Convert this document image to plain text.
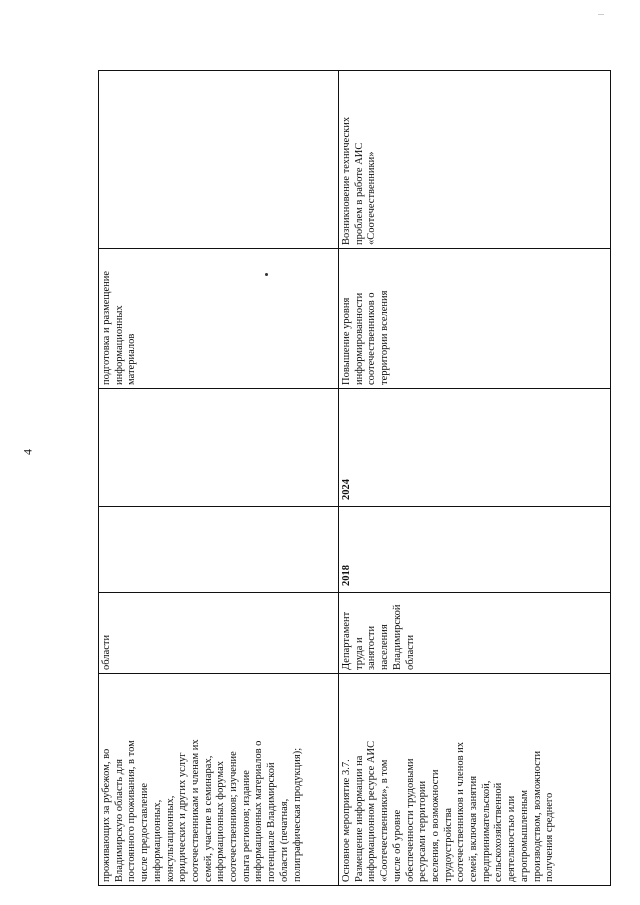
4
проживающих за рубежом, во
Владимирскую область для
постоянного проживания, в том
числе предоставление
информационных,
консультационных,
юридических и других услуг
соотечественникам и членам их
семей, участие в семинарах,
информационных форумах
соотечественников; изучение
опыта регионов; издание
информационных материалов о
потенциале Владимирской
области (печатная,
полиграфическая продукция);
области
подготовка и размещение
информационных
материалов
Основное мероприятие 3.7.
Размещение информации на
информационном ресурсе АИС
«Соотечественники», в том
числе об уровне
обеспеченности трудовыми
ресурсами территории
вселения, о возможности
трудоустройства
соотечественников и членов их
семей, включая занятия
предпринимательской,
сельскохозяйственной
деятельностью или
агропромышленным
производством, возможности
получения среднего
Департамент
труда и
занятости
населения
Владимирской
области
2018
2024
Повышение уровня
информированности
соотечественников о
территории вселения
Возникновение технических
проблем в работе АИС
«Соотечественники»
